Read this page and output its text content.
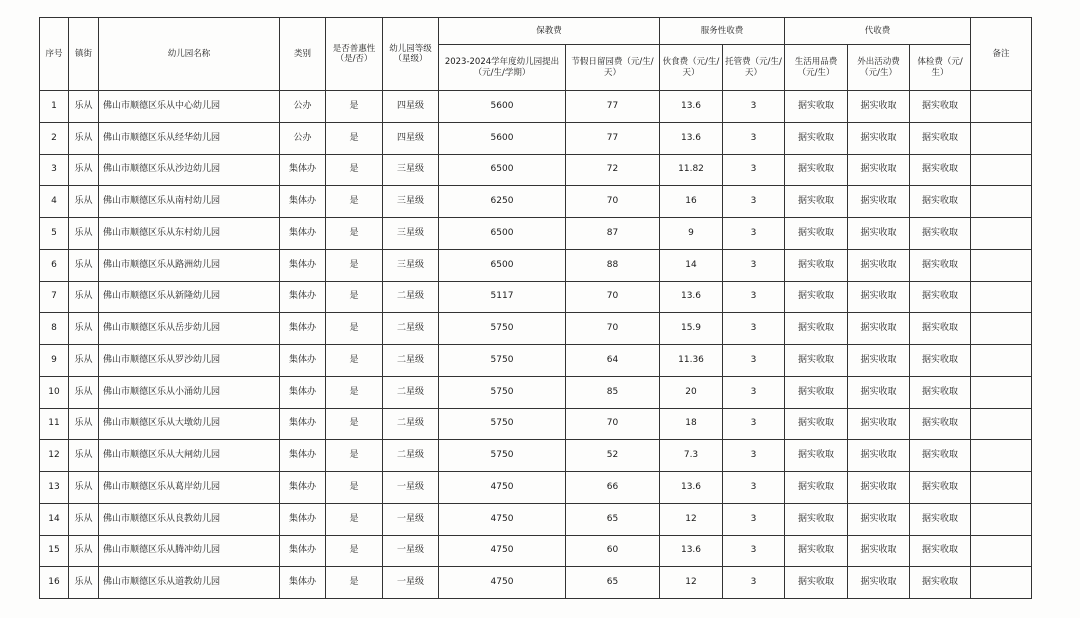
序号	镇街	幼儿园名称	类别	是否普惠性（是/否）	幼儿园等级（星级）	保教费		服务性收费		代收费			备注
						2023-2024学年度幼儿园提出（元/生/学期）	节假日留园费（元/生/天）	伙食费（元/生/天）	托管费（元/生/天）	生活用品费（元/生）	外出活动费（元/生）	体检费（元/生）	
1	乐从	佛山市顺德区乐从中心幼儿园	公办	是	四星级	5600	77	13.6	3	据实收取	据实收取	据实收取	
2	乐从	佛山市顺德区乐从经华幼儿园	公办	是	四星级	5600	77	13.6	3	据实收取	据实收取	据实收取	
3	乐从	佛山市顺德区乐从沙边幼儿园	集体办	是	三星级	6500	72	11.82	3	据实收取	据实收取	据实收取	
4	乐从	佛山市顺德区乐从南村幼儿园	集体办	是	三星级	6250	70	16	3	据实收取	据实收取	据实收取	
5	乐从	佛山市顺德区乐从东村幼儿园	集体办	是	三星级	6500	87	9	3	据实收取	据实收取	据实收取	
6	乐从	佛山市顺德区乐从路洲幼儿园	集体办	是	三星级	6500	88	14	3	据实收取	据实收取	据实收取	
7	乐从	佛山市顺德区乐从新隆幼儿园	集体办	是	二星级	5117	70	13.6	3	据实收取	据实收取	据实收取	
8	乐从	佛山市顺德区乐从岳步幼儿园	集体办	是	二星级	5750	70	15.9	3	据实收取	据实收取	据实收取	
9	乐从	佛山市顺德区乐从罗沙幼儿园	集体办	是	二星级	5750	64	11.36	3	据实收取	据实收取	据实收取	
10	乐从	佛山市顺德区乐从小涌幼儿园	集体办	是	二星级	5750	85	20	3	据实收取	据实收取	据实收取	
11	乐从	佛山市顺德区乐从大墩幼儿园	集体办	是	二星级	5750	70	18	3	据实收取	据实收取	据实收取	
12	乐从	佛山市顺德区乐从大闸幼儿园	集体办	是	二星级	5750	52	7.3	3	据实收取	据实收取	据实收取	
13	乐从	佛山市顺德区乐从葛岸幼儿园	集体办	是	一星级	4750	66	13.6	3	据实收取	据实收取	据实收取	
14	乐从	佛山市顺德区乐从良教幼儿园	集体办	是	一星级	4750	65	12	3	据实收取	据实收取	据实收取	
15	乐从	佛山市顺德区乐从腾冲幼儿园	集体办	是	一星级	4750	60	13.6	3	据实收取	据实收取	据实收取	
16	乐从	佛山市顺德区乐从道教幼儿园	集体办	是	一星级	4750	65	12	3	据实收取	据实收取	据实收取	
